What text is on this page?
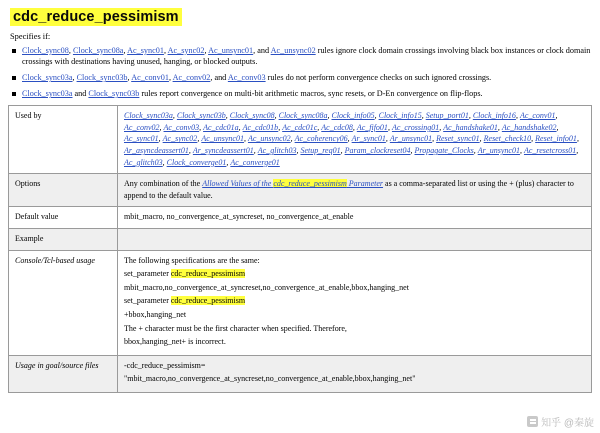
cdc_reduce_pessimism
Specifies if:
Clock_sync08, Clock_sync08a, Ac_sync01, Ac_sync02, Ac_unsync01, and Ac_unsync02 rules ignore clock domain crossings involving black box instances or clock domain crossings with destinations having unused, hanging, or blocked outputs.
Clock_sync03a, Clock_sync03b, Ac_conv01, Ac_conv02, and Ac_conv03 rules do not perform convergence checks on such ignored crossings.
Clock_sync03a and Clock_sync03b rules report convergence on multi-bit arithmetic macros, sync resets, or D-En convergence on flip-flops.
Used by	Clock_sync03a, Clock_sync03b, Clock_sync08, Clock_sync08a, Clock_info05, Clock_info15, Setup_port01, Clock_info16, Ac_conv01, Ac_conv02, Ac_conv03, Ac_cdc01a, Ac_cdc01b, Ac_cdc01c, Ac_cdc08, Ac_fifo01, Ac_crossing01, Ac_handshake01, Ac_handshake02, Ac_sync01, Ac_sync02, Ac_unsync01, Ac_unsync02, Ac_coherency06, Ar_sync01, Ar_unsync01, Reset_sync01, Reset_check10, Reset_info01, Ar_asyncdeassert01, Ar_syncdeassert01, Ac_glitch03, Setup_req01, Param_clockreset04, Propagate_Clocks, Ar_unsync01, Ac_resetcross01, Ac_glitch03, Clock_converge01, Ac_converge01
Options	Any combination of the Allowed Values of the cdc_reduce_pessimism Parameter as a comma-separated list or using the + (plus) character to append to the default value.
Default value	mbit_macro, no_convergence_at_syncreset, no_convergence_at_enable
Example	
Console/Tcl-based usage	The following specifications are the same:

set_parameter cdc_reduce_pessimism

mbit_macro,no_convergence_at_syncreset,no_convergence_at_enable,bbox,hanging_net

set_parameter cdc_reduce_pessimism

+bbox,hanging_net

The + character must be the first character when specified. Therefore,

bbox,hanging_net+ is incorrect.

Usage in goal/source files	-cdc_reduce_pessimism=

"mbit_macro,no_convergence_at_syncreset,no_convergence_at_enable,bbox,hanging_net"

知乎 @秦旋
